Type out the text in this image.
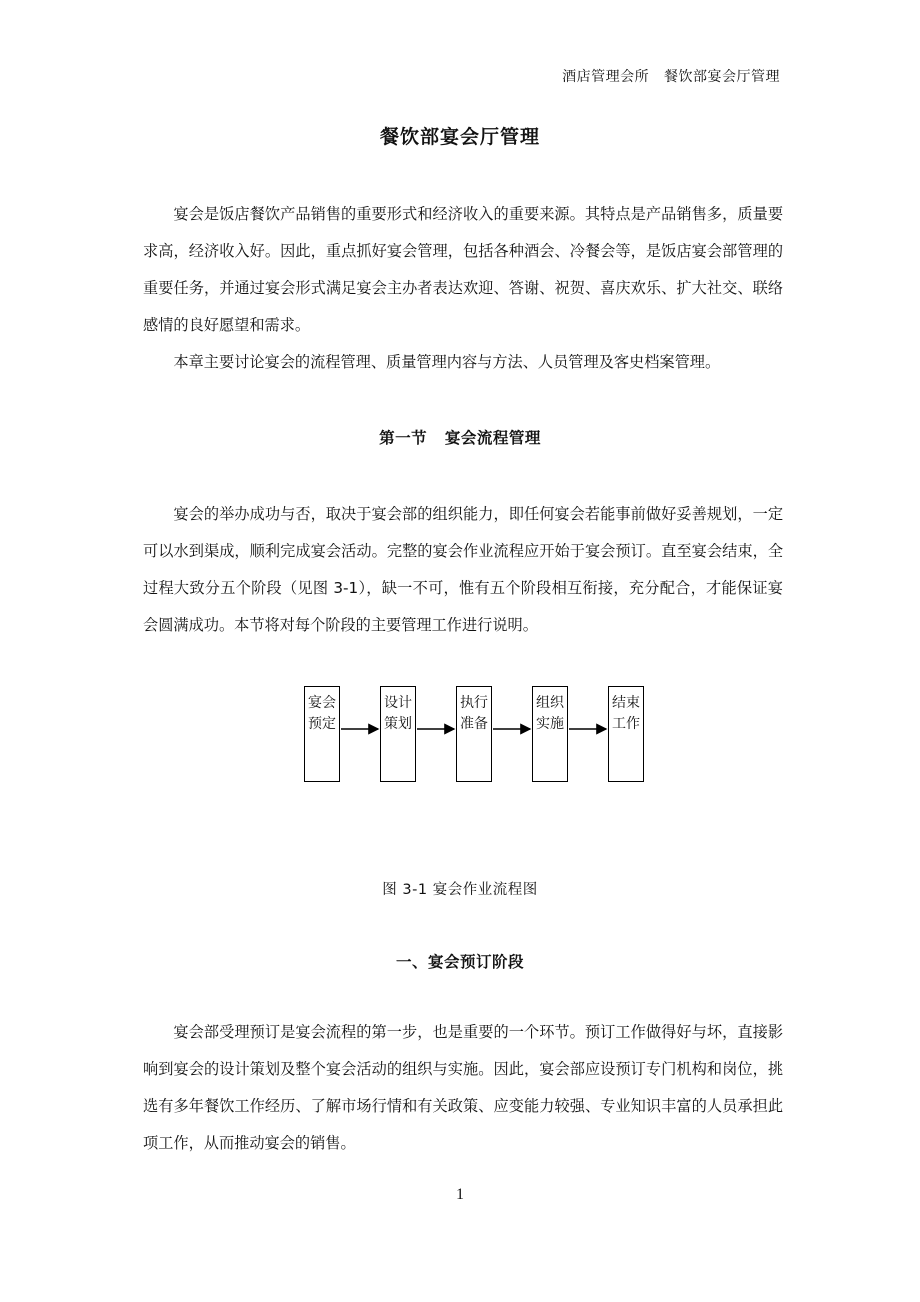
酒店管理会所   餐饮部宴会厅管理
餐饮部宴会厅管理

宴会是饭店餐饮产品销售的重要形式和经济收入的重要来源。其特点是产品销售多，质量要求高，经济收入好。因此，重点抓好宴会管理，包括各种酒会、冷餐会等，是饭店宴会部管理的重要任务，并通过宴会形式满足宴会主办者表达欢迎、答谢、祝贺、喜庆欢乐、扩大社交、联络感情的良好愿望和需求。

本章主要讨论宴会的流程管理、质量管理内容与方法、人员管理及客史档案管理。

第一节   宴会流程管理

宴会的举办成功与否，取决于宴会部的组织能力，即任何宴会若能事前做好妥善规划，一定可以水到渠成，顺利完成宴会活动。完整的宴会作业流程应开始于宴会预订。直至宴会结束，全过程大致分五个阶段（见图 3-1），缺一不可，惟有五个阶段相互衔接，充分配合，才能保证宴会圆满成功。本节将对每个阶段的主要管理工作进行说明。

宴会预定
设计策划
执行准备
组织实施
结束工作
图 3-1 宴会作业流程图
一、宴会预订阶段

宴会部受理预订是宴会流程的第一步，也是重要的一个环节。预订工作做得好与坏，直接影响到宴会的设计策划及整个宴会活动的组织与实施。因此，宴会部应设预订专门机构和岗位，挑选有多年餐饮工作经历、了解市场行情和有关政策、应变能力较强、专业知识丰富的人员承担此项工作，从而推动宴会的销售。

1
